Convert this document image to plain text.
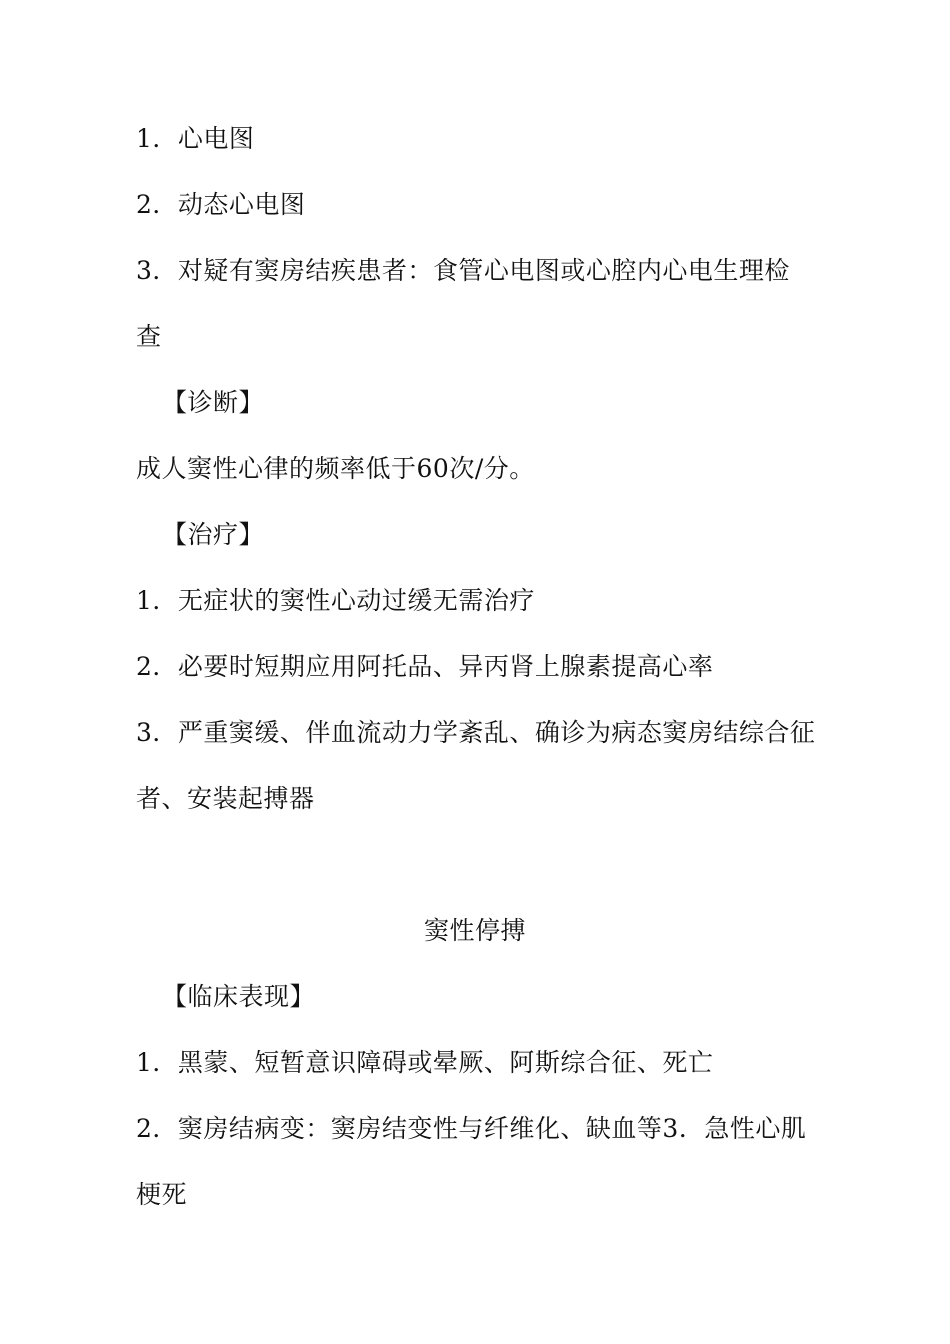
1．心电图
2．动态心电图
3．对疑有窦房结疾患者：食管心电图或心腔内心电生理检
查
【诊断】
成人窦性心律的频率低于60次/分。
【治疗】
1．无症状的窦性心动过缓无需治疗
2．必要时短期应用阿托品、异丙肾上腺素提高心率
3．严重窦缓、伴血流动力学紊乱、确诊为病态窦房结综合征
者、安装起搏器
窦性停搏
【临床表现】
1．黑蒙、短暂意识障碍或晕厥、阿斯综合征、死亡
2．窦房结病变：窦房结变性与纤维化、缺血等3．急性心肌
梗死
